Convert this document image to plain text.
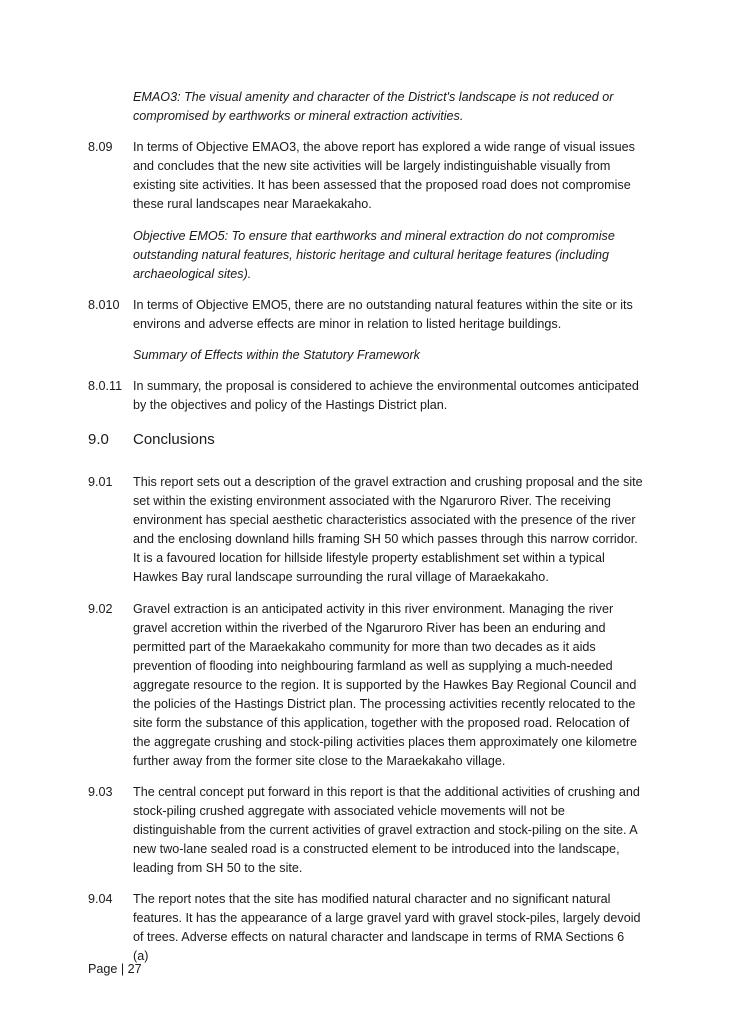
EMAO3: The visual amenity and character of the District's landscape is not reduced or
compromised by earthworks or mineral extraction activities.
8.09	In terms of Objective EMAO3, the above report has explored a wide range of visual issues
and concludes that the new site activities will be largely indistinguishable visually from
existing site activities. It has been assessed that the proposed road does not compromise
these rural landscapes near Maraekakaho.
Objective EMO5: To ensure that earthworks and mineral extraction do not compromise
outstanding natural features, historic heritage and cultural heritage features (including
archaeological sites).
8.010	In terms of Objective EMO5, there are no outstanding natural features within the site or its
environs and adverse effects are minor in relation to listed heritage buildings.
Summary of Effects within the Statutory Framework
8.0.11 In summary, the proposal is considered to achieve the environmental outcomes anticipated
by the objectives and policy of the Hastings District plan.
9.0 Conclusions
9.01	This report sets out a description of the gravel extraction and crushing proposal and the site
set within the existing environment associated with the Ngaruroro River. The receiving
environment has special aesthetic characteristics associated with the presence of the river
and the enclosing downland hills framing SH 50 which passes through this narrow corridor.
It is a favoured location for hillside lifestyle property establishment set within a typical
Hawkes Bay rural landscape surrounding the rural village of Maraekakaho.
9.02	Gravel extraction is an anticipated activity in this river environment. Managing the river
gravel accretion within the riverbed of the Ngaruroro River has been an enduring and
permitted part of the Maraekakaho community for more than two decades as it aids
prevention of flooding into neighbouring farmland as well as supplying a much-needed
aggregate resource to the region. It is supported by the Hawkes Bay Regional Council and
the policies of the Hastings District plan. The processing activities recently relocated to the
site form the substance of this application, together with the proposed road. Relocation of
the aggregate crushing and stock-piling activities places them approximately one kilometre
further away from the former site close to the Maraekakaho village.
9.03	The central concept put forward in this report is that the additional activities of crushing and
stock-piling crushed aggregate with associated vehicle movements will not be
distinguishable from the current activities of gravel extraction and stock-piling on the site. A
new two-lane sealed road is a constructed element to be introduced into the landscape,
leading from SH 50 to the site.
9.04	The report notes that the site has modified natural character and no significant natural
features. It has the appearance of a large gravel yard with gravel stock-piles, largely devoid
of trees. Adverse effects on natural character and landscape in terms of RMA Sections 6 (a)
Page | 27
